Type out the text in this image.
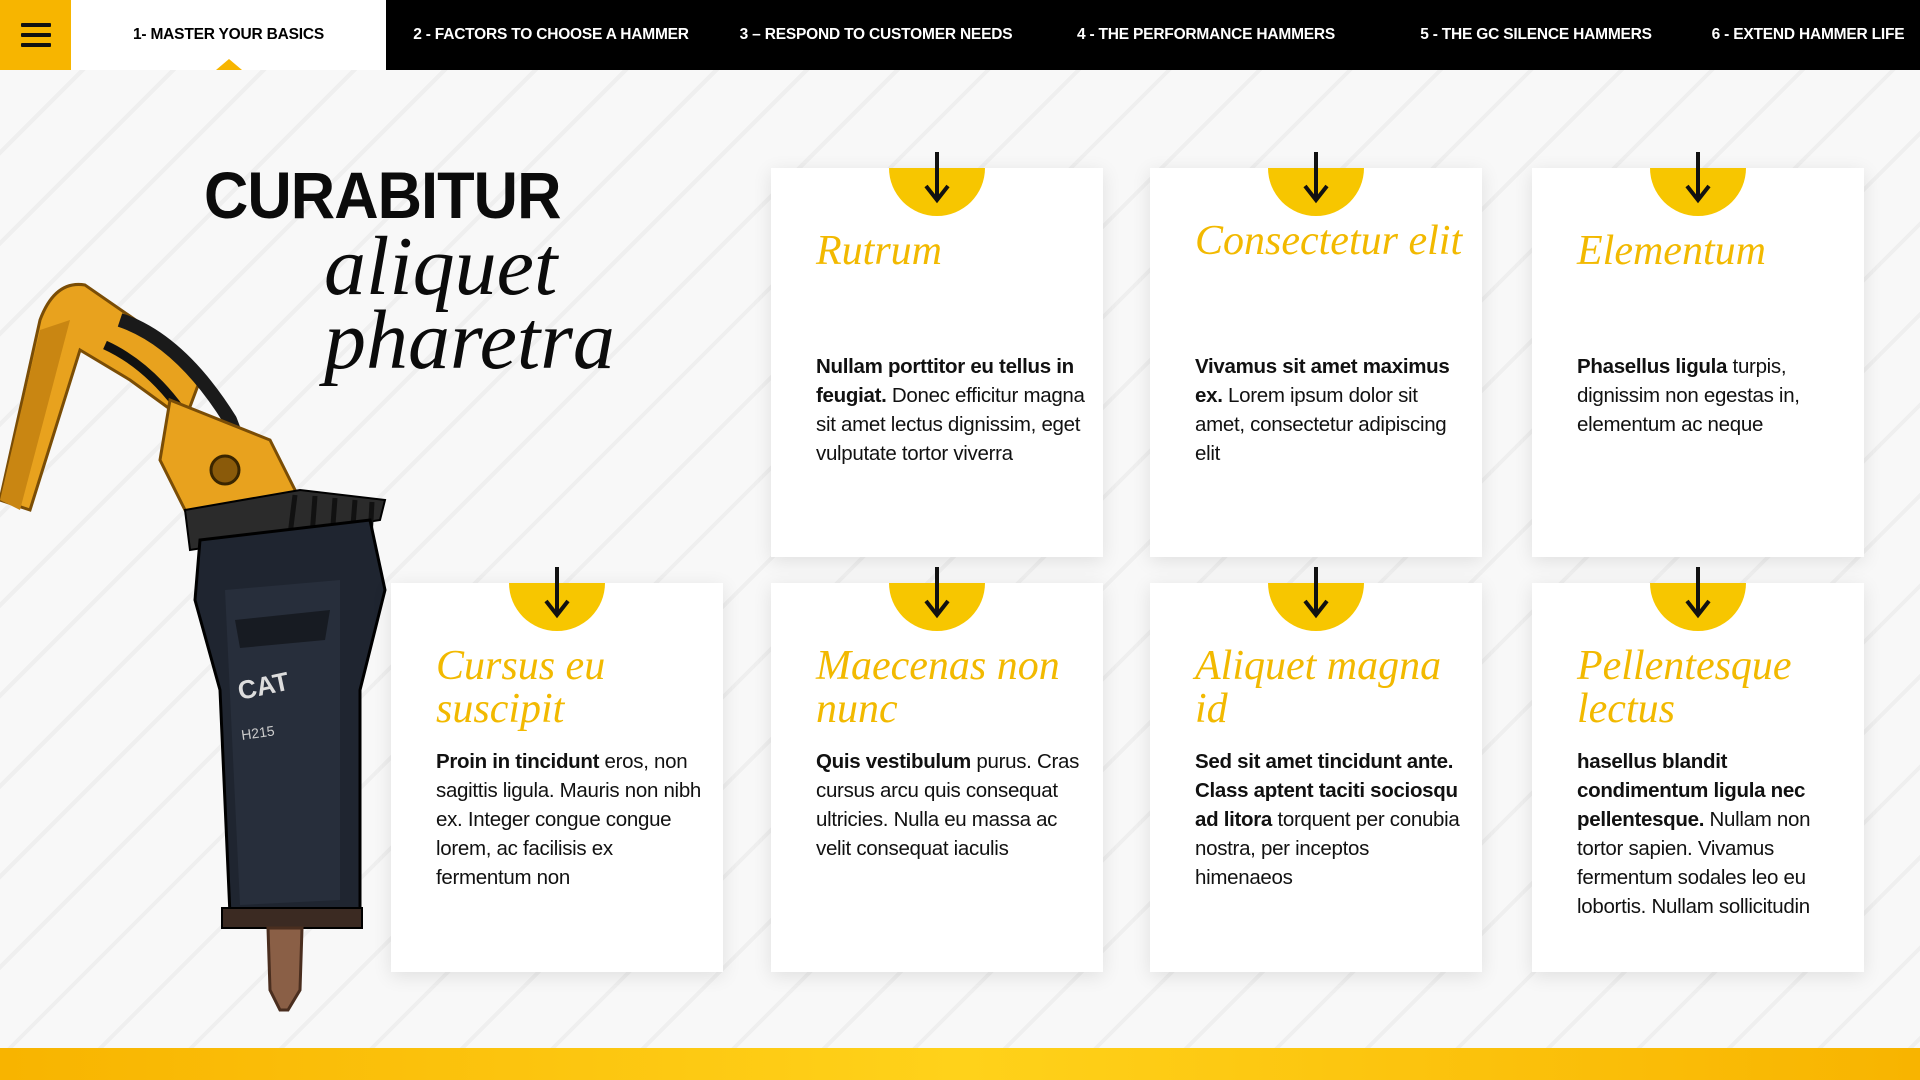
1- MASTER YOUR BASICS	2 - FACTORS TO CHOOSE A HAMMER	3 – RESPOND TO CUSTOMER NEEDS	4 - THE PERFORMANCE HAMMERS	5 - THE GC SILENCE HAMMERS	6 - EXTEND HAMMER LIFE
CAT
H215
CURABITUR
aliquet
pharetra
Rutrum
Nullam porttitor eu tellus in feugiat. Donec efficitur magna sit amet lectus dignissim, eget vulputate tortor viverra
Consectetur elit
Vivamus sit amet maximus ex. Lorem ipsum dolor sit amet, consectetur adipiscing elit
Elementum
Phasellus ligula turpis, dignissim non egestas in, elementum ac neque
Cursus eu suscipit
Proin in tincidunt eros, non sagittis ligula. Mauris non nibh ex. Integer congue congue lorem, ac facilisis ex fermentum non
Maecenas non nunc
Quis vestibulum purus. Cras cursus arcu quis consequat ultricies. Nulla eu massa ac velit consequat iaculis
Aliquet magna id
Sed sit amet tincidunt ante. Class aptent taciti sociosqu ad litora torquent per conubia nostra, per inceptos himenaeos
Pellentesque lectus
hasellus blandit condimentum ligula nec pellentesque. Nullam non tortor sapien. Vivamus fermentum sodales leo eu lobortis. Nullam sollicitudin
